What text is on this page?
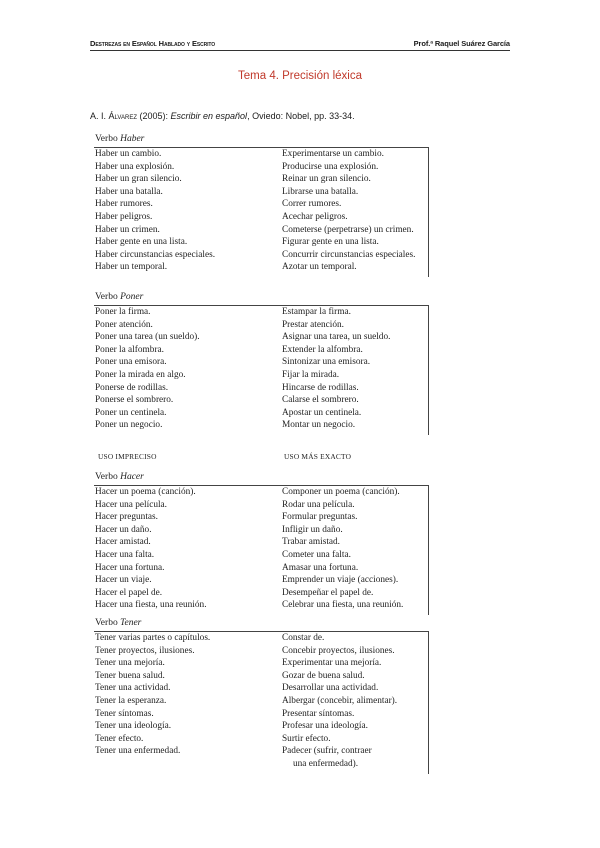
Destrezas en Español Hablado y Escrito	Prof.ª Raquel Suárez García
Tema 4. Precisión léxica
A. I. Álvarez (2005): Escribir en español, Oviedo: Nobel, pp. 33-34.
USO IMPRECISO	USO MÁS EXACTO
Verbo Haber
Haber un cambio.	Experimentarse un cambio.
Haber una explosión.	Producirse una explosión.
Haber un gran silencio.	Reinar un gran silencio.
Haber una batalla.	Librarse una batalla.
Haber rumores.	Correr rumores.
Haber peligros.	Acechar peligros.
Haber un crimen.	Cometerse (perpetrarse) un crimen.
Haber gente en una lista.	Figurar gente en una lista.
Haber circunstancias especiales.	Concurrir circunstancias especiales.
Haber un temporal.	Azotar un temporal.
Verbo Poner
Poner la firma.	Estampar la firma.
Poner atención.	Prestar atención.
Poner una tarea (un sueldo).	Asignar una tarea, un sueldo.
Poner la alfombra.	Extender la alfombra.
Poner una emisora.	Sintonizar una emisora.
Poner la mirada en algo.	Fijar la mirada.
Ponerse de rodillas.	Hincarse de rodillas.
Ponerse el sombrero.	Calarse el sombrero.
Poner un centinela.	Apostar un centinela.
Poner un negocio.	Montar un negocio.
Verbo Hacer
Hacer un poema (canción).	Componer un poema (canción).
Hacer una película.	Rodar una película.
Hacer preguntas.	Formular preguntas.
Hacer un daño.	Infligir un daño.
Hacer amistad.	Trabar amistad.
Hacer una falta.	Cometer una falta.
Hacer una fortuna.	Amasar una fortuna.
Hacer un viaje.	Emprender un viaje (acciones).
Hacer el papel de.	Desempeñar el papel de.
Hacer una fiesta, una reunión.	Celebrar una fiesta, una reunión.
Verbo Tener
Tener varias partes o capítulos.	Constar de.
Tener proyectos, ilusiones.	Concebir proyectos, ilusiones.
Tener una mejoría.	Experimentar una mejoría.
Tener buena salud.	Gozar de buena salud.
Tener una actividad.	Desarrollar una actividad.
Tener la esperanza.	Albergar (concebir, alimentar).
Tener síntomas.	Presentar síntomas.
Tener una ideología.	Profesar una ideología.
Tener efecto.	Surtir efecto.
Tener una enfermedad.	Padecer (sufrir, contraer
una enfermedad).
